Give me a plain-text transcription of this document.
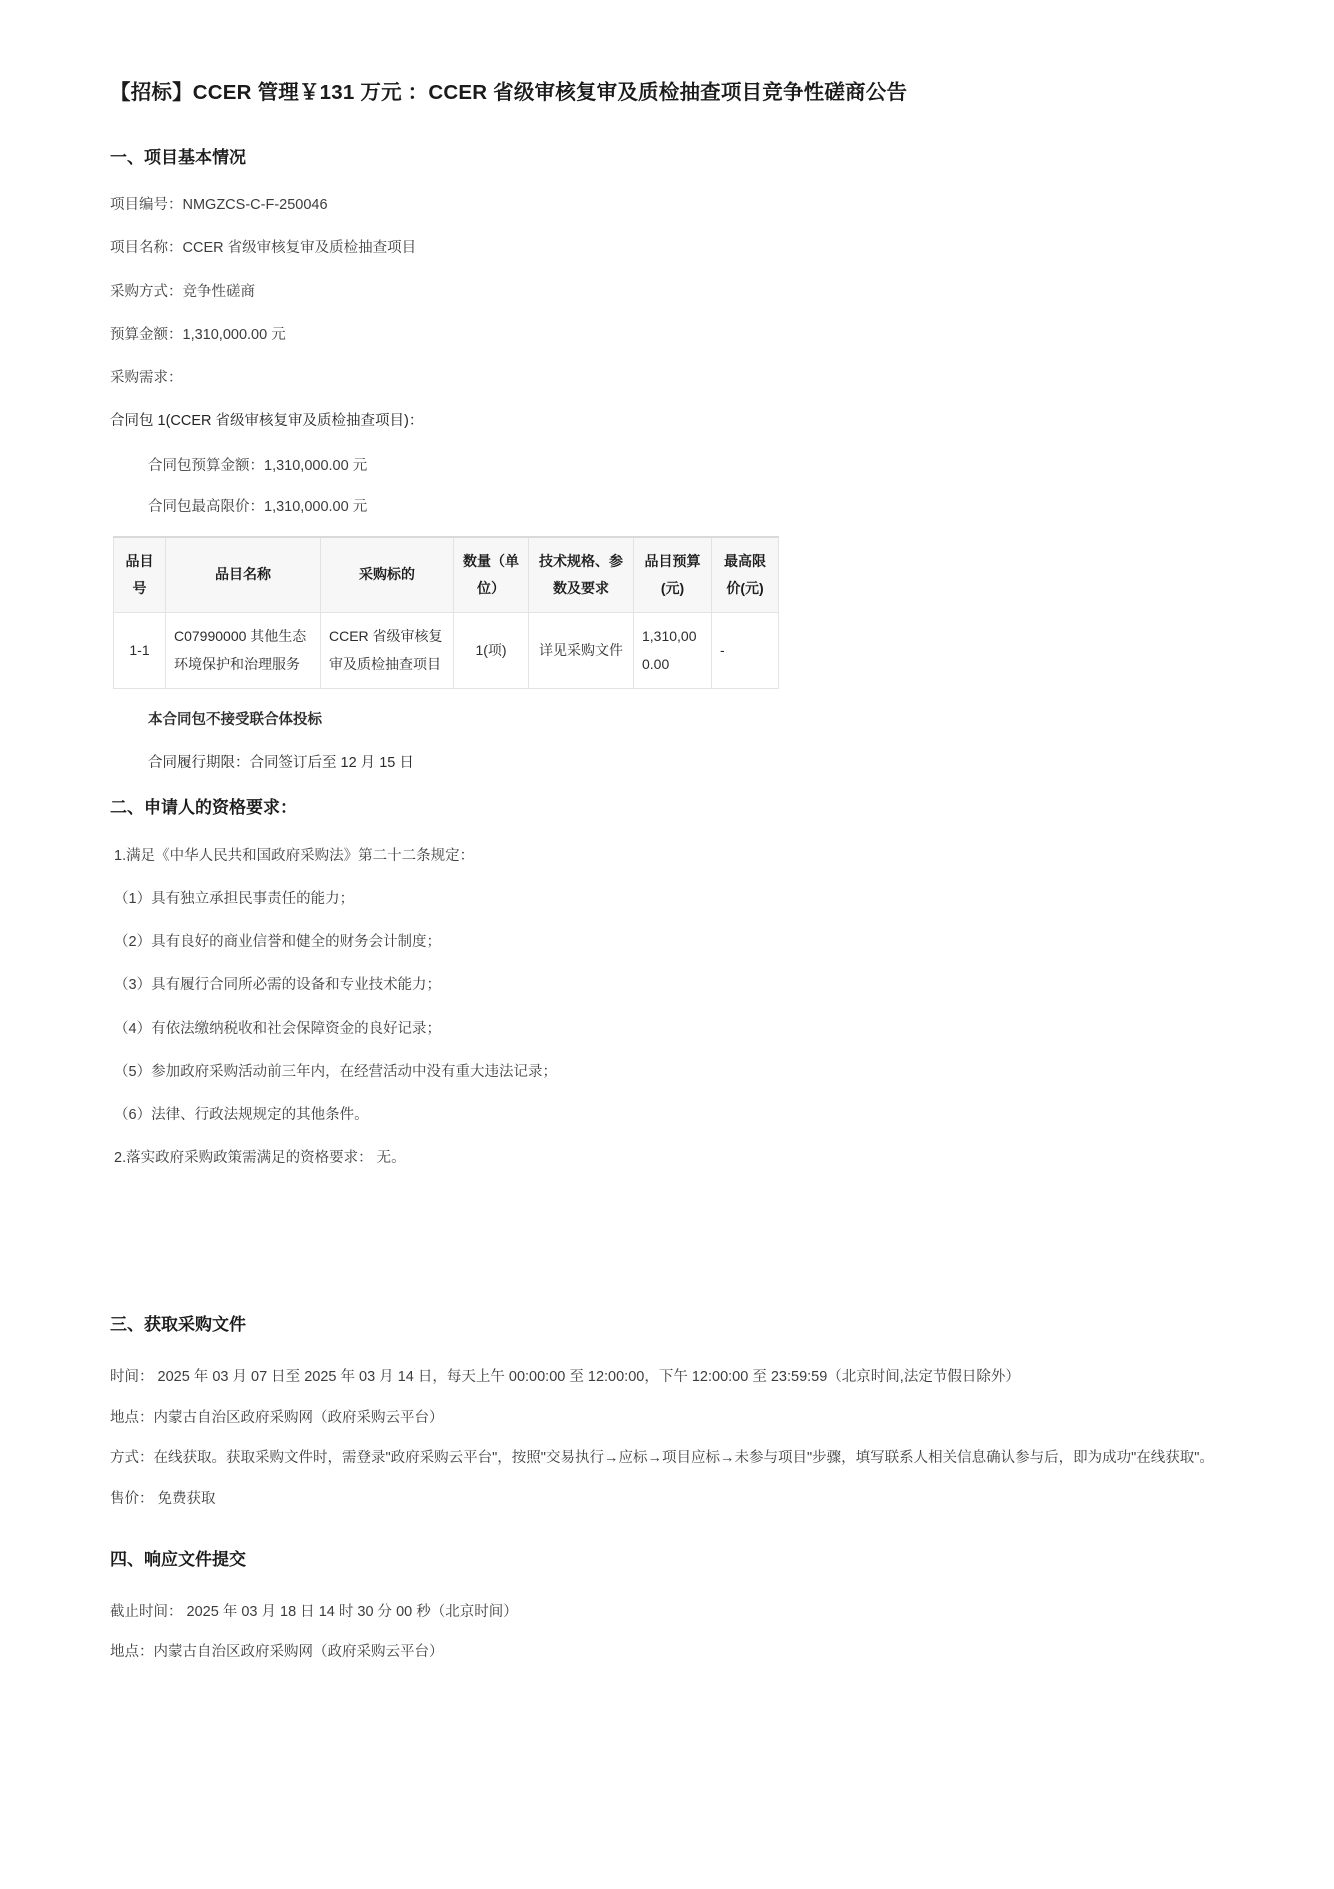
【招标】CCER 管理￥131 万元 ：CCER 省级审核复审及质检抽查项目竞争性磋商公告
一、项目基本情况

项目编号：NMGZCS-C-F-250046

项目名称：CCER 省级审核复审及质检抽查项目

采购方式：竞争性磋商

预算金额：1,310,000.00 元

采购需求：

合同包 1(CCER 省级审核复审及质检抽查项目)：

合同包预算金额：1,310,000.00 元

合同包最高限价：1,310,000.00 元

品目号	品目名称	采购标的	数量（单位）	技术规格、参数及要求	品目预算(元)	最高限价(元)
1-1	C07990000 其他生态环境保护和治理服务	CCER 省级审核复审及质检抽查项目	1(项)	详见采购文件	1,310,000.00	-

本合同包不接受联合体投标

合同履行期限：合同签订后至 12 月 15 日

二、申请人的资格要求：

1.满足《中华人民共和国政府采购法》第二十二条规定：

（1）具有独立承担民事责任的能力；

（2）具有良好的商业信誉和健全的财务会计制度；

（3）具有履行合同所必需的设备和专业技术能力；

（4）有依法缴纳税收和社会保障资金的良好记录；

（5）参加政府采购活动前三年内，在经营活动中没有重大违法记录；

（6）法律、行政法规规定的其他条件。

2.落实政府采购政策需满足的资格要求： 无。

三、获取采购文件

时间： 2025 年 03 月 07 日至 2025 年 03 月 14 日，每天上午 00:00:00 至 12:00:00，下午 12:00:00 至 23:59:59（北京时间,法定节假日除外）

地点：内蒙古自治区政府采购网（政府采购云平台）

方式：在线获取。获取采购文件时，需登录"政府采购云平台"，按照"交易执行→应标→项目应标→未参与项目"步骤，填写联系人相关信息确认参与后，即为成功"在线获取"。

售价： 免费获取

四、响应文件提交

截止时间： 2025 年 03 月 18 日 14 时 30 分 00 秒（北京时间）

地点：内蒙古自治区政府采购网（政府采购云平台）
